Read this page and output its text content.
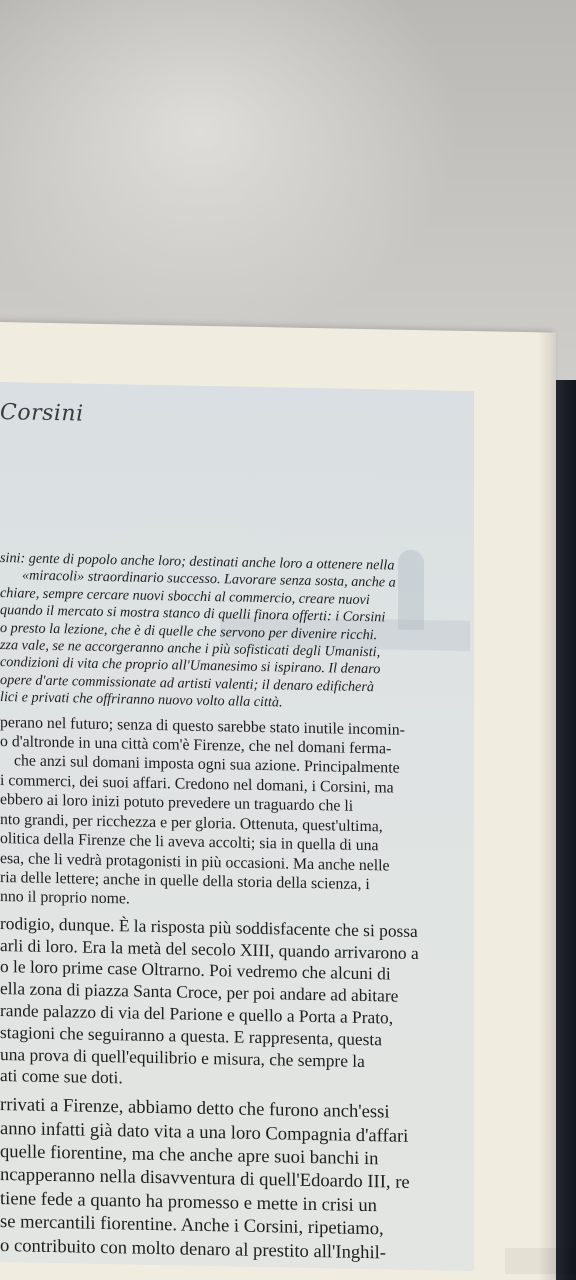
Corsini
sini: gente di popolo anche loro; destinati anche loro a ottenere nella
«miracoli» straordinario successo. Lavorare senza sosta, anche a
chiare, sempre cercare nuovi sbocchi al commercio, creare nuovi
quando il mercato si mostra stanco di quelli finora offerti: i Corsini
o presto la lezione, che è di quelle che servono per divenire ricchi.
zza vale, se ne accorgeranno anche i più sofisticati degli Umanisti,
condizioni di vita che proprio all'Umanesimo si ispirano. Il denaro
opere d'arte commissionate ad artisti valenti; il denaro edificherà
lici e privati che offriranno nuovo volto alla città.
perano nel futuro; senza di questo sarebbe stato inutile incomin-
o d'altronde in una città com'è Firenze, che nel domani ferma-
che anzi sul domani imposta ogni sua azione. Principalmente
i commerci, dei suoi affari. Credono nel domani, i Corsini, ma
ebbero ai loro inizi potuto prevedere un traguardo che li
nto grandi, per ricchezza e per gloria. Ottenuta, quest'ultima,
olitica della Firenze che li aveva accolti; sia in quella di una
esa, che li vedrà protagonisti in più occasioni. Ma anche nelle
ria delle lettere; anche in quelle della storia della scienza, i
nno il proprio nome.
rodigio, dunque. È la risposta più soddisfacente che si possa
arli di loro. Era la metà del secolo XIII, quando arrivarono a
o le loro prime case Oltrarno. Poi vedremo che alcuni di
ella zona di piazza Santa Croce, per poi andare ad abitare
rande palazzo di via del Parione e quello a Porta a Prato,
stagioni che seguiranno a questa. E rappresenta, questa
una prova di quell'equilibrio e misura, che sempre la
ati come sue doti.
rrivati a Firenze, abbiamo detto che furono anch'essi
anno infatti già dato vita a una loro Compagnia d'affari
quelle fiorentine, ma che anche apre suoi banchi in
ncapperanno nella disavventura di quell'Edoardo III, re
tiene fede a quanto ha promesso e mette in crisi un
se mercantili fiorentine. Anche i Corsini, ripetiamo,
o contribuito con molto denaro al prestito all'Inghil-
